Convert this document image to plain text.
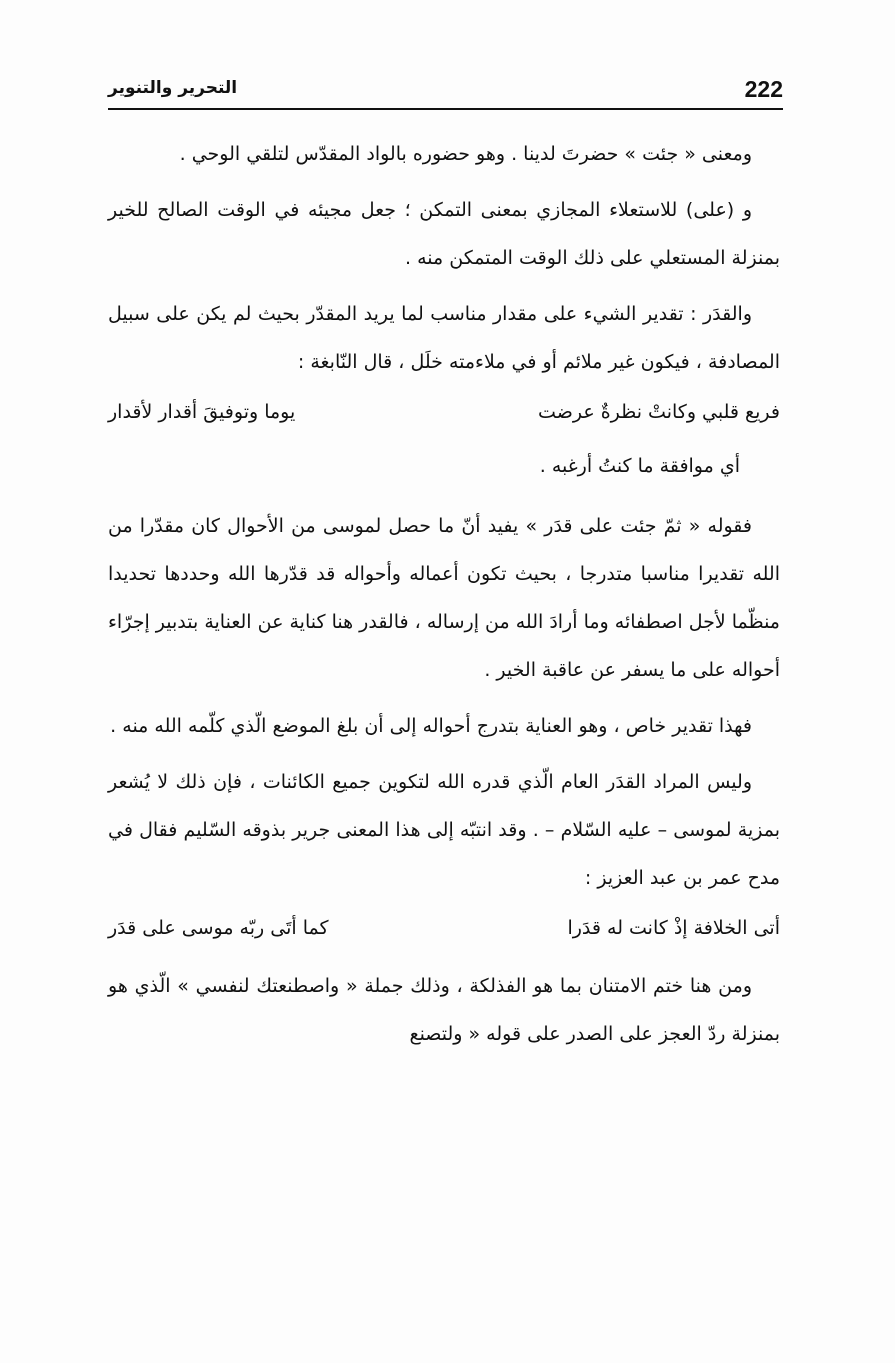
222
التحرير والتنوير

ومعنى « جئت » حضرتَ لدينا . وهو حضوره بالواد المقدّس لتلقي الوحي .

و (على) للاستعلاء المجازي بمعنى التمكن ؛ جعل مجيئه في الوقت الصالح للخير بمنزلة المستعلي على ذلك الوقت المتمكن منه .

والقدَر : تقدير الشيء على مقدار مناسب لما يريد المقدّر بحيث لم يكن على سبيل المصادفة ، فيكون غير ملائم أو في ملاءمته خلَل ، قال النّابغة :

فريع قلبي وكانتْ نظرةٌ عرضت
يوما وتوفيقَ أقدار لأقدار
أي موافقة ما كنتُ أرغبه .

فقوله « ثمّ جئت على قدَر » يفيد أنّ ما حصل لموسى من الأحوال كان مقدّرا من الله تقديرا مناسبا متدرجا ، بحيث تكون أعماله وأحواله قد قدّرها الله وحددها تحديدا منظّما لأجل اصطفائه وما أرادَ الله من إرساله ، فالقدر هنا كناية عن العناية بتدبير إجرّاء أحواله على ما يسفر عن عاقبة الخير .

فهذا تقدير خاص ، وهو العناية بتدرج أحواله إلى أن بلغ الموضع الّذي كلّمه الله منه .

وليس المراد القدَر العام الّذي قدره الله لتكوين جميع الكائنات ، فإن ذلك لا يُشعر بمزية لموسى – عليه السّلام – . وقد انتبّه إلى هذا المعنى جرير بذوقه السّليم فقال في مدح عمر بن عبد العزيز :

أتى الخلافة إذْ كانت له قدَرا
كما أتَى ربّه موسى على قدَر

ومن هنا ختم الامتنان بما هو الفذلكة ، وذلك جملة « واصطنعتك لنفسي » الّذي هو بمنزلة ردّ العجز على الصدر على قوله « ولتصنع
